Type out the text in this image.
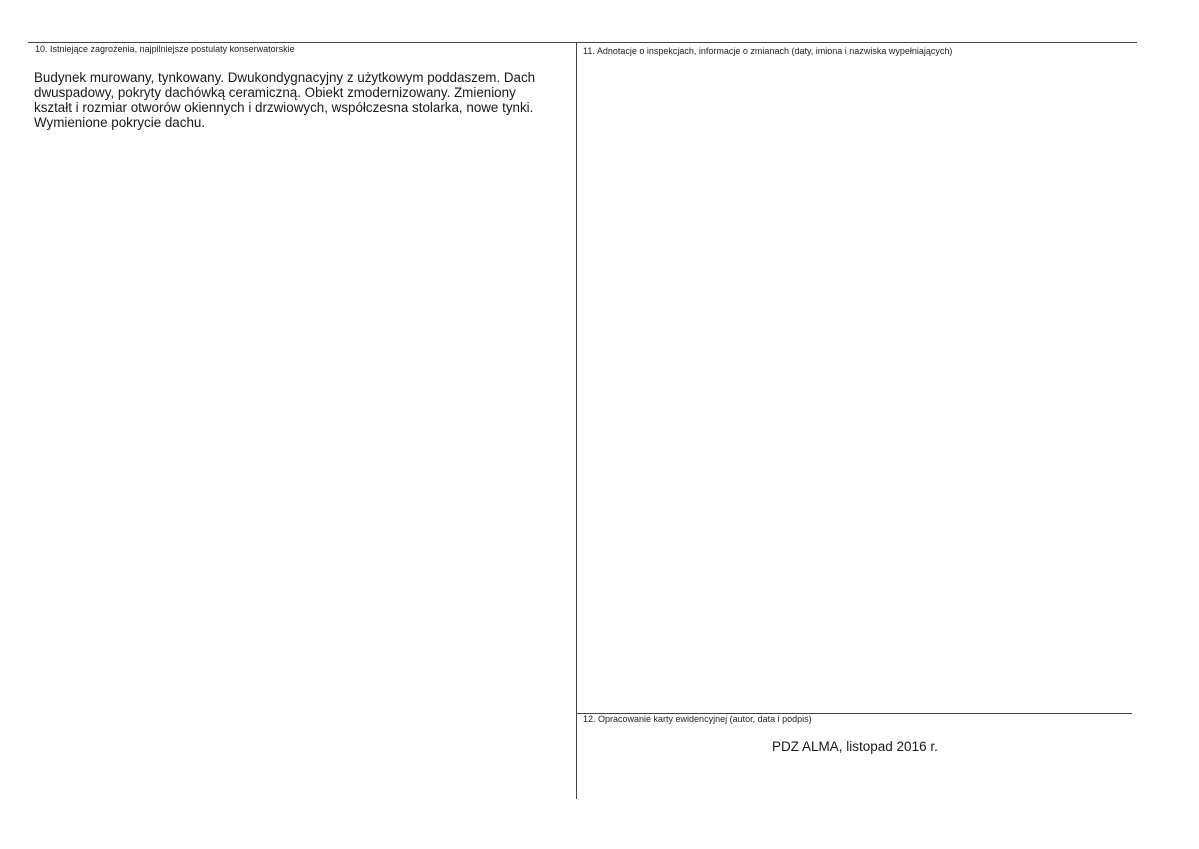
10. Istniejące zagrożenia, najpilniejsze postulaty konserwatorskie
Budynek murowany, tynkowany. Dwukondygnacyjny z użytkowym poddaszem. Dach
dwuspadowy, pokryty dachówką ceramiczną. Obiekt zmodernizowany. Zmieniony
kształt i rozmiar otworów okiennych i drzwiowych, współczesna stolarka, nowe tynki.
Wymienione pokrycie dachu.
11. Adnotacje o inspekcjach, informacje o zmianach (daty, imiona i nazwiska wypełniających)
12. Opracowanie karty ewidencyjnej (autor, data i podpis)
PDZ ALMA, listopad 2016 r.
